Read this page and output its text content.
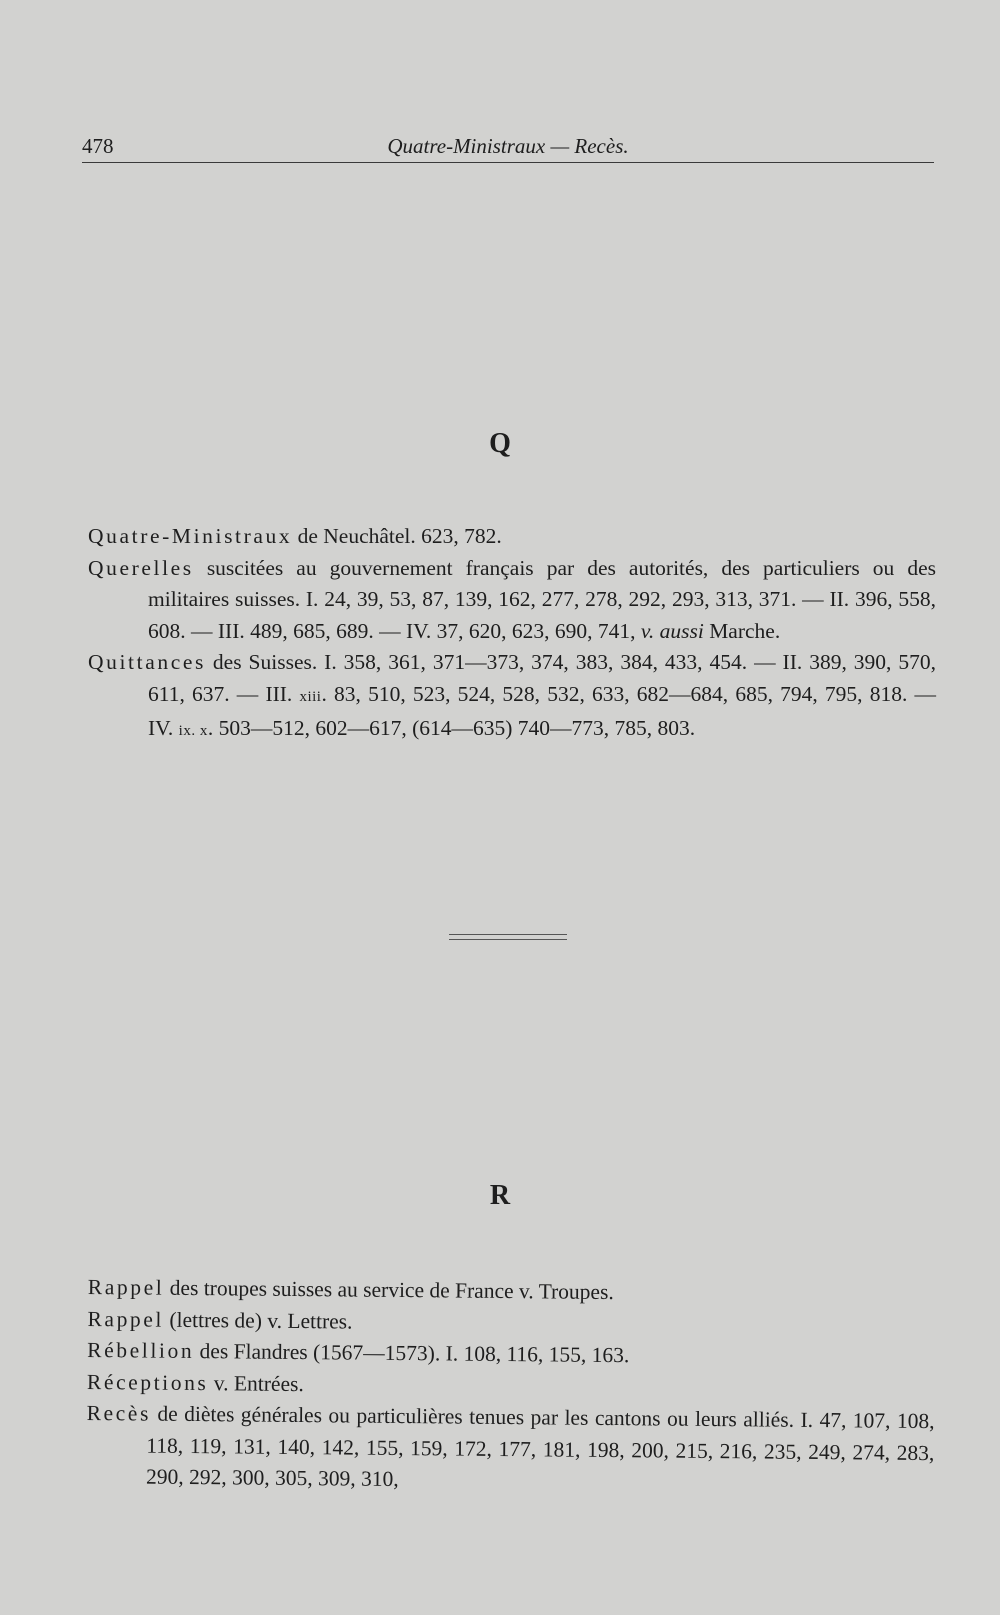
478	Quatre-Ministraux — Recès.
Q

Quatre-Ministraux de Neuchâtel. 623, 782.

Querelles suscitées au gouvernement français par des autorités, des particuliers ou des militaires suisses. I. 24, 39, 53, 87, 139, 162, 277, 278, 292, 293, 313, 371. — II. 396, 558, 608. — III. 489, 685, 689. — IV. 37, 620, 623, 690, 741, v. aussi Marche.

Quittances des Suisses. I. 358, 361, 371—373, 374, 383, 384, 433, 454. — II. 389, 390, 570, 611, 637. — III. xiii. 83, 510, 523, 524, 528, 532, 633, 682—684, 685, 794, 795, 818. — IV. ix. x. 503—512, 602—617, (614—635) 740—773, 785, 803.

R

Rappel des troupes suisses au service de France v. Troupes.

Rappel (lettres de) v. Lettres.

Rébellion des Flandres (1567—1573). I. 108, 116, 155, 163.

Réceptions v. Entrées.

Recès de diètes générales ou particulières tenues par les cantons ou leurs alliés. I. 47, 107, 108, 118, 119, 131, 140, 142, 155, 159, 172, 177, 181, 198, 200, 215, 216, 235, 249, 274, 283, 290, 292, 300, 305, 309, 310,
